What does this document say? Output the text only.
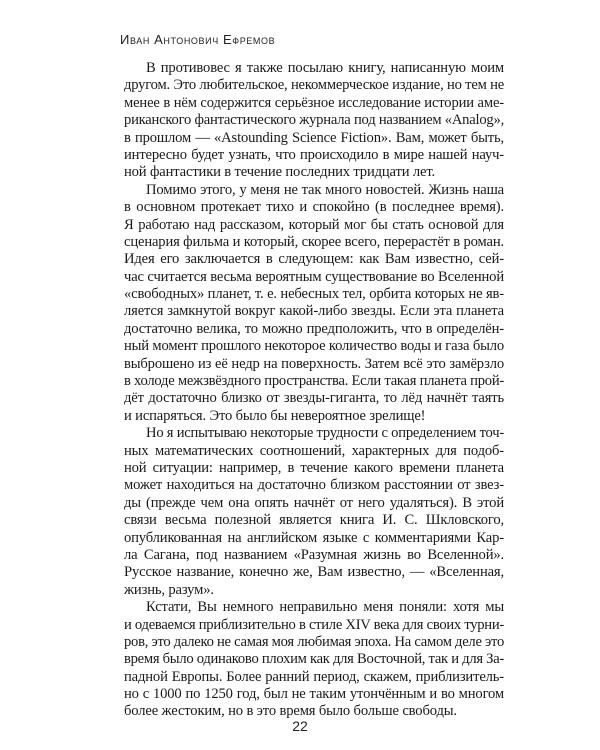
Иван Антонович Ефремов
В противовес я также посылаю книгу, написанную моим
другом. Это любительское, некоммерческое издание, но тем не
менее в нём содержится серьёзное исследование истории аме-
риканского фантастического журнала под названием «Analog»,
в прошлом — «Astounding Science Fiction». Вам, может быть,
интересно будет узнать, что происходило в мире нашей науч-
ной фантастики в течение последних тридцати лет.
Помимо этого, у меня не так много новостей. Жизнь наша
в основном протекает тихо и спокойно (в последнее время).
Я работаю над рассказом, который мог бы стать основой для
сценария фильма и который, скорее всего, перерастёт в роман.
Идея его заключается в следующем: как Вам известно, сей-
час считается весьма вероятным существование во Вселенной
«свободных» планет, т. е. небесных тел, орбита которых не яв-
ляется замкнутой вокруг какой-либо звезды. Если эта планета
достаточно велика, то можно предположить, что в определён-
ный момент прошлого некоторое количество воды и газа было
выброшено из её недр на поверхность. Затем всё это замёрзло
в холоде межзвёздного пространства. Если такая планета прой-
дёт достаточно близко от звезды-гиганта, то лёд начнёт таять
и испаряться. Это было бы невероятное зрелище!
Но я испытываю некоторые трудности с определением точ-
ных математических соотношений, характерных для подоб-
ной ситуации: например, в течение какого времени планета
может находиться на достаточно близком расстоянии от звез-
ды (прежде чем она опять начнёт от него удаляться). В этой
связи весьма полезной является книга И. С. Шкловского,
опубликованная на английском языке с комментариями Кар-
ла Сагана, под названием «Разумная жизнь во Вселенной».
Русское название, конечно же, Вам известно, — «Вселенная,
жизнь, разум».
Кстати, Вы немного неправильно меня поняли: хотя мы
и одеваемся приблизительно в стиле XIV века для своих турни-
ров, это далеко не самая моя любимая эпоха. На самом деле это
время было одинаково плохим как для Восточной, так и для За-
падной Европы. Более ранний период, скажем, приблизитель-
но с 1000 по 1250 год, был не таким утончённым и во многом
более жестоким, но в это время было больше свободы.
22
